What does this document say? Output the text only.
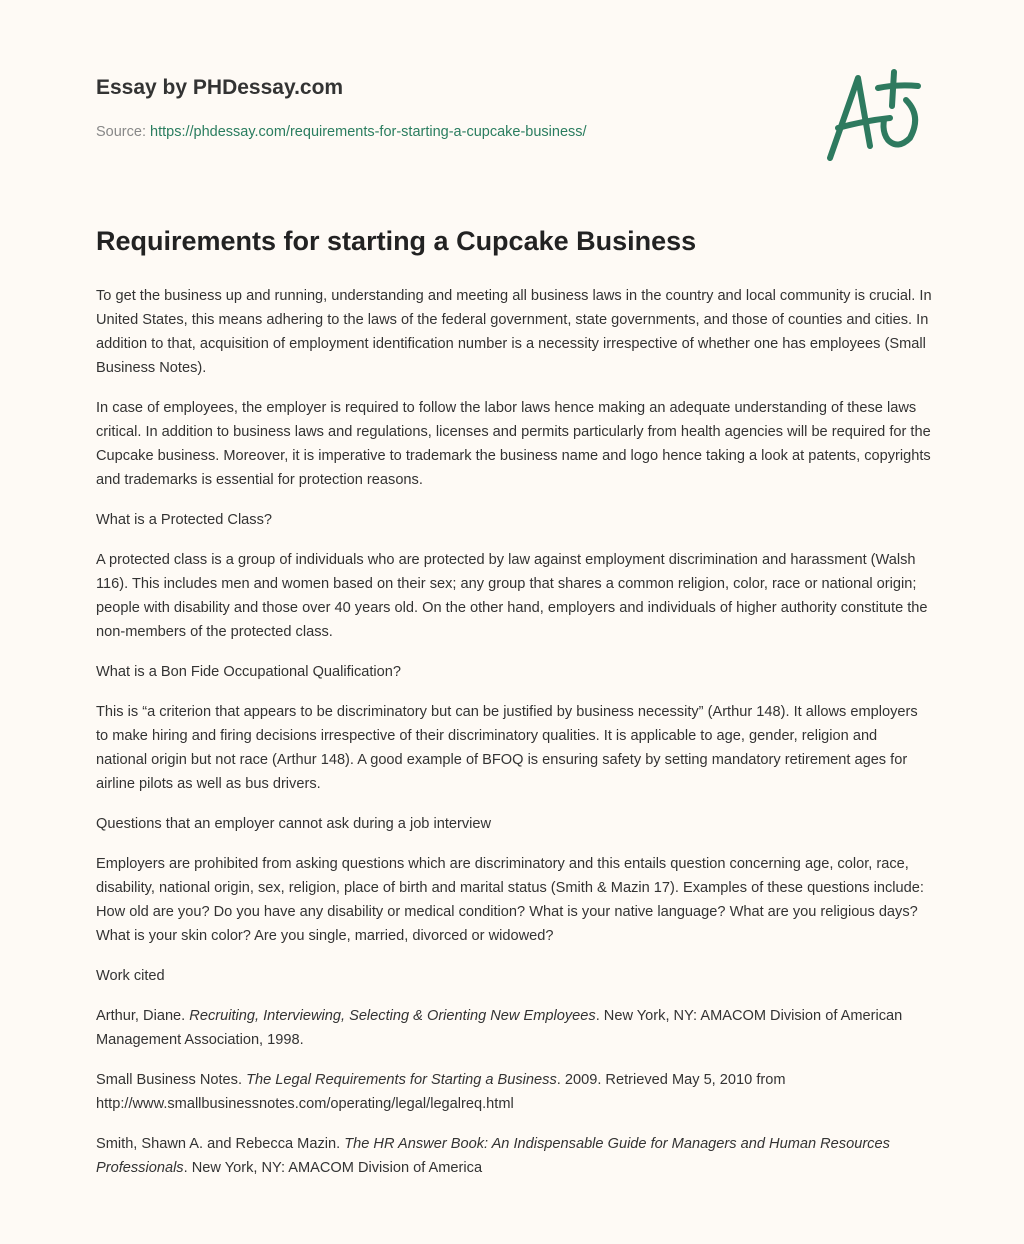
Essay by PHDessay.com
Source: https://phdessay.com/requirements-for-starting-a-cupcake-business/
Requirements for starting a Cupcake Business

To get the business up and running, understanding and meeting all business laws in the country and local community is crucial. In United States, this means adhering to the laws of the federal government, state governments, and those of counties and cities. In addition to that, acquisition of employment identification number is a necessity irrespective of whether one has employees (Small Business Notes).

In case of employees, the employer is required to follow the labor laws hence making an adequate understanding of these laws critical. In addition to business laws and regulations, licenses and permits particularly from health agencies will be required for the Cupcake business. Moreover, it is imperative to trademark the business name and logo hence taking a look at patents, copyrights and trademarks is essential for protection reasons.

What is a Protected Class?

A protected class is a group of individuals who are protected by law against employment discrimination and harassment (Walsh 116). This includes men and women based on their sex; any group that shares a common religion, color, race or national origin; people with disability and those over 40 years old. On the other hand, employers and individuals of higher authority constitute the non-members of the protected class.

What is a Bon Fide Occupational Qualification?

This is “a criterion that appears to be discriminatory but can be justified by business necessity” (Arthur 148). It allows employers to make hiring and firing decisions irrespective of their discriminatory qualities. It is applicable to age, gender, religion and national origin but not race (Arthur 148). A good example of BFOQ is ensuring safety by setting mandatory retirement ages for airline pilots as well as bus drivers.

Questions that an employer cannot ask during a job interview

Employers are prohibited from asking questions which are discriminatory and this entails question concerning age, color, race, disability, national origin, sex, religion, place of birth and marital status (Smith & Mazin 17). Examples of these questions include: How old are you? Do you have any disability or medical condition? What is your native language? What are you religious days? What is your skin color? Are you single, married, divorced or widowed?

Work cited

Arthur, Diane. Recruiting, Interviewing, Selecting & Orienting New Employees. New York, NY: AMACOM Division of American Management Association, 1998.

Small Business Notes. The Legal Requirements for Starting a Business. 2009. Retrieved May 5, 2010 from http://www.smallbusinessnotes.com/operating/legal/legalreq.html

Smith, Shawn A. and Rebecca Mazin. The HR Answer Book: An Indispensable Guide for Managers and Human Resources Professionals. New York, NY: AMACOM Division of America
